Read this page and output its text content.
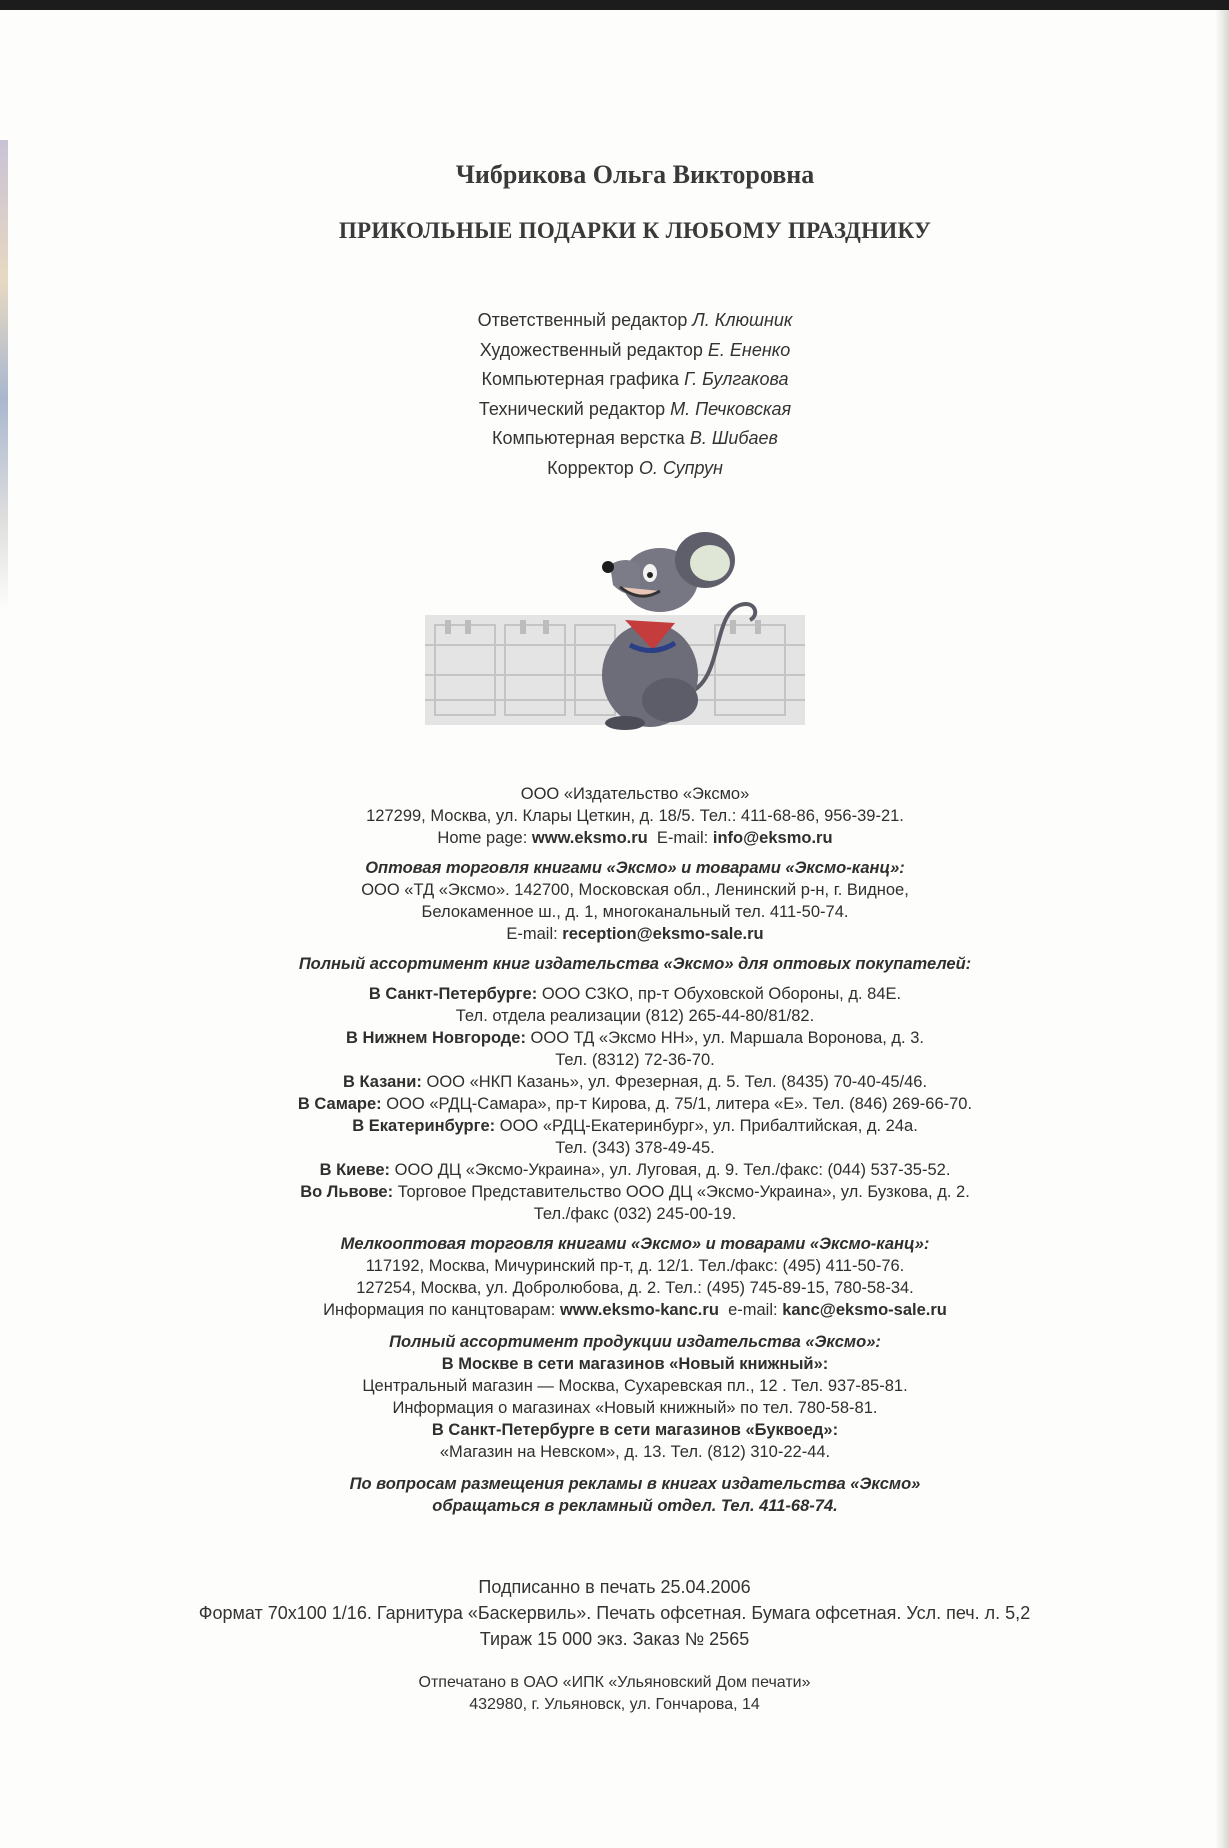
Чибрикова Ольга Викторовна
ПРИКОЛЬНЫЕ ПОДАРКИ К ЛЮБОМУ ПРАЗДНИКУ
Ответственный редактор Л. Клюшник
Художественный редактор Е. Ененко
Компьютерная графика Г. Булгакова
Технический редактор М. Печковская
Компьютерная верстка В. Шибаев
Корректор О. Супрун

ООО «Издательство «Эксмо»

127299, Москва, ул. Клары Цеткин, д. 18/5. Тел.: 411-68-86, 956-39-21.

Home page: www.eksmo.ru E-mail: info@eksmo.ru

Оптовая торговля книгами «Эксмо» и товарами «Эксмо-канц»:

ООО «ТД «Эксмо». 142700, Московская обл., Ленинский р-н, г. Видное,

Белокаменное ш., д. 1, многоканальный тел. 411-50-74.

E-mail: reception@eksmo-sale.ru

Полный ассортимент книг издательства «Эксмо» для оптовых покупателей:

В Санкт-Петербурге: ООО СЗКО, пр-т Обуховской Обороны, д. 84Е.

Тел. отдела реализации (812) 265-44-80/81/82.

В Нижнем Новгороде: ООО ТД «Эксмо НН», ул. Маршала Воронова, д. 3.

Тел. (8312) 72-36-70.

В Казани: ООО «НКП Казань», ул. Фрезерная, д. 5. Тел. (8435) 70-40-45/46.

В Самаре: ООО «РДЦ-Самара», пр-т Кирова, д. 75/1, литера «Е». Тел. (846) 269-66-70.

В Екатеринбурге: ООО «РДЦ-Екатеринбург», ул. Прибалтийская, д. 24а.

Тел. (343) 378-49-45.

В Киеве: ООО ДЦ «Эксмо-Украина», ул. Луговая, д. 9. Тел./факс: (044) 537-35-52.

Во Львове: Торговое Представительство ООО ДЦ «Эксмо-Украина», ул. Бузкова, д. 2.

Тел./факс (032) 245-00-19.

Мелкооптовая торговля книгами «Эксмо» и товарами «Эксмо-канц»:

117192, Москва, Мичуринский пр-т, д. 12/1. Тел./факс: (495) 411-50-76.

127254, Москва, ул. Добролюбова, д. 2. Тел.: (495) 745-89-15, 780-58-34.

Информация по канцтоварам: www.eksmo-kanc.ru e-mail: kanc@eksmo-sale.ru

Полный ассортимент продукции издательства «Эксмо»:

В Москве в сети магазинов «Новый книжный»:

Центральный магазин — Москва, Сухаревская пл., 12 . Тел. 937-85-81.

Информация о магазинах «Новый книжный» по тел. 780-58-81.

В Санкт-Петербурге в сети магазинов «Буквоед»:

«Магазин на Невском», д. 13. Тел. (812) 310-22-44.

По вопросам размещения рекламы в книгах издательства «Эксмо»

обращаться в рекламный отдел. Тел. 411-68-74.

Подписанно в печать 25.04.2006

Формат 70x100 1/16. Гарнитура «Баскервиль». Печать офсетная. Бумага офсетная. Усл. печ. л. 5,2

Тираж 15 000 экз. Заказ № 2565

Отпечатано в ОАО «ИПК «Ульяновский Дом печати»

432980, г. Ульяновск, ул. Гончарова, 14
